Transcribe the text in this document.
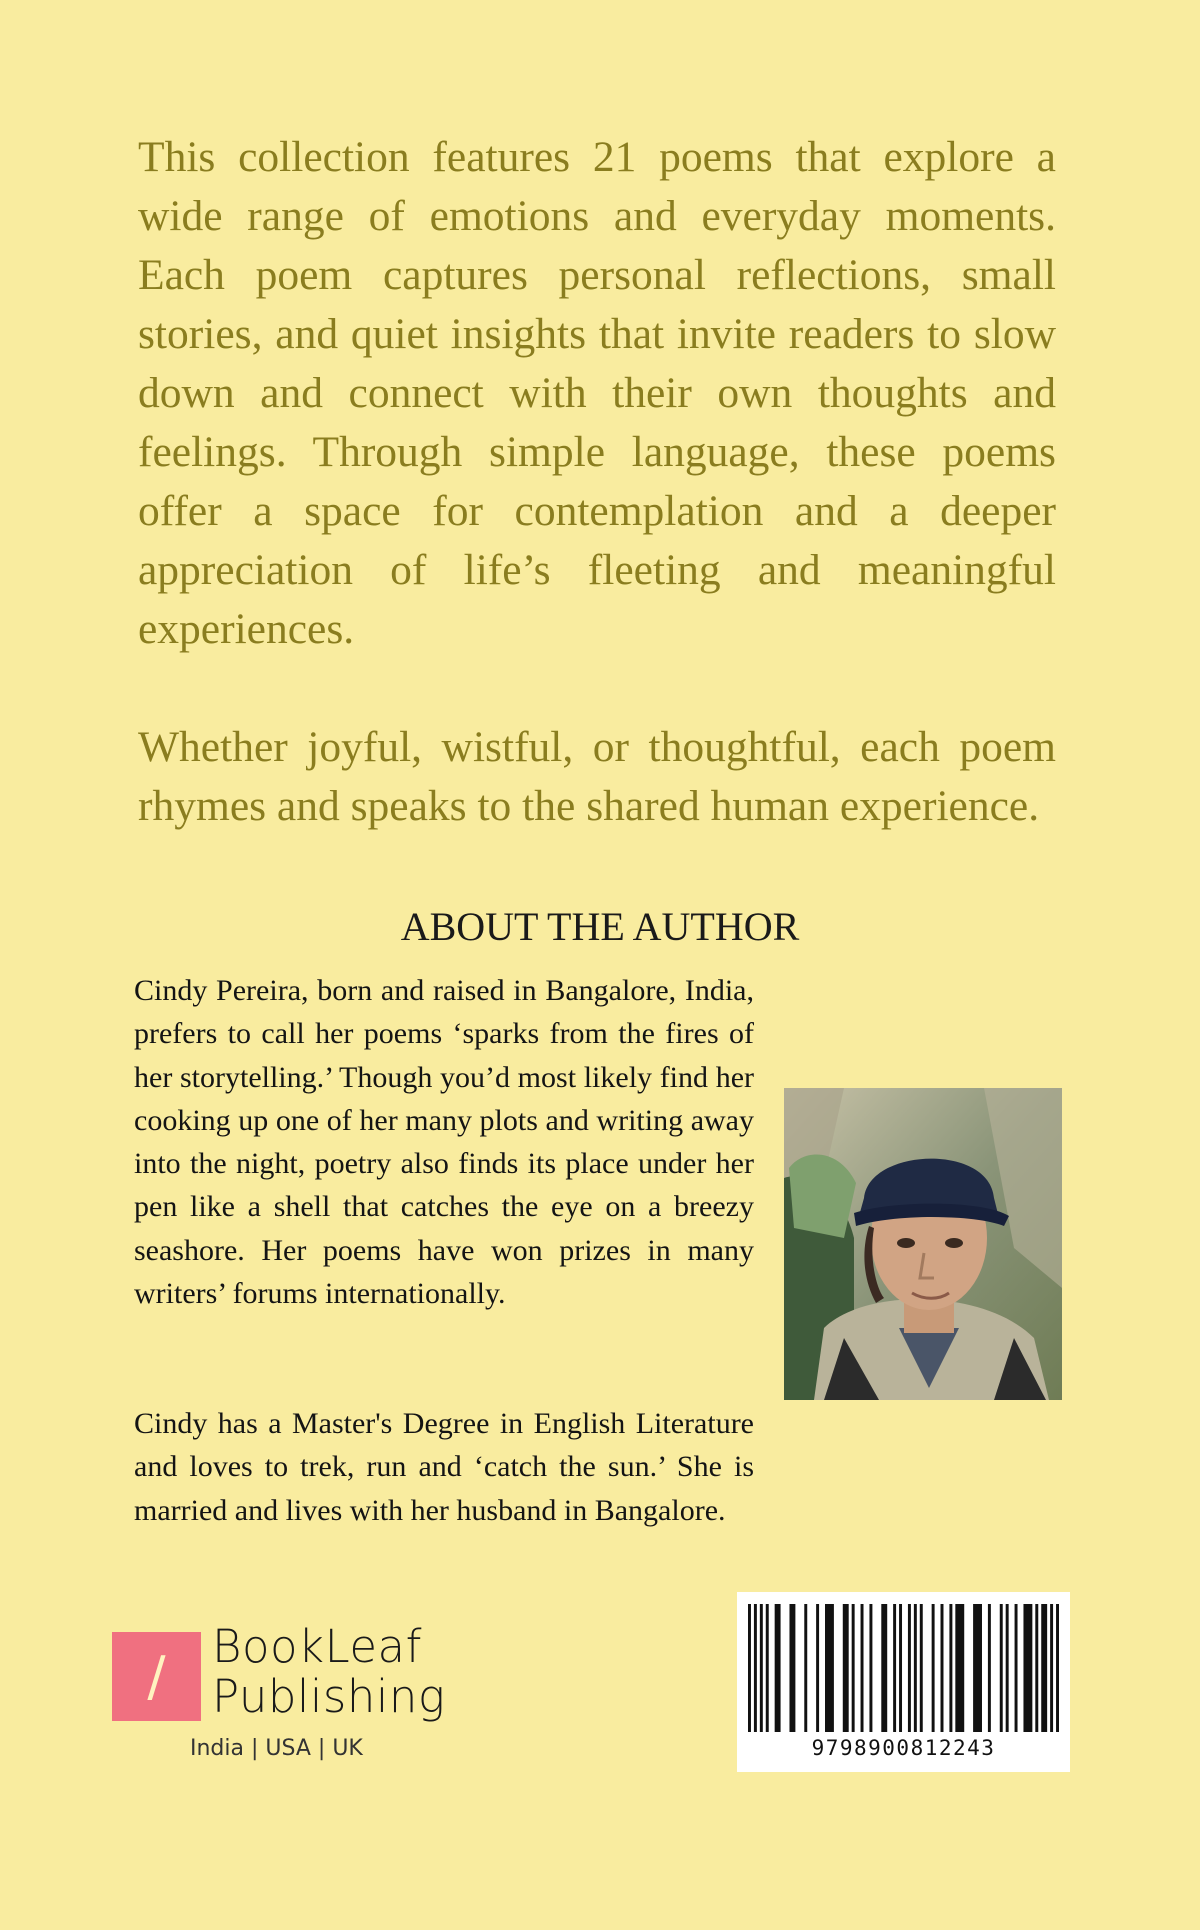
This collection features 21 poems that explore a wide range of emotions and everyday moments. Each poem captures personal reflections, small stories, and quiet insights that invite readers to slow down and connect with their own thoughts and feelings. Through simple language, these poems offer a space for contemplation and a deeper appreciation of life’s fleeting and meaningful experiences.

Whether joyful, wistful, or thoughtful, each poem rhymes and speaks to the shared human experience.

ABOUT THE AUTHOR

Cindy Pereira, born and raised in Bangalore, India, prefers to call her poems ‘sparks from the fires of her storytelling.’ Though you’d most likely find her cooking up one of her many plots and writing away into the night, poetry also finds its place under her pen like a shell that catches the eye on a breezy seashore. Her poems have won prizes in many writers’ forums internationally.

Cindy has a Master's Degree in English Literature and loves to trek, run and ‘catch the sun.’ She is married and lives with her husband in Bangalore.

/	BookLeaf
Publishing
India | USA | UK	9798900812243
